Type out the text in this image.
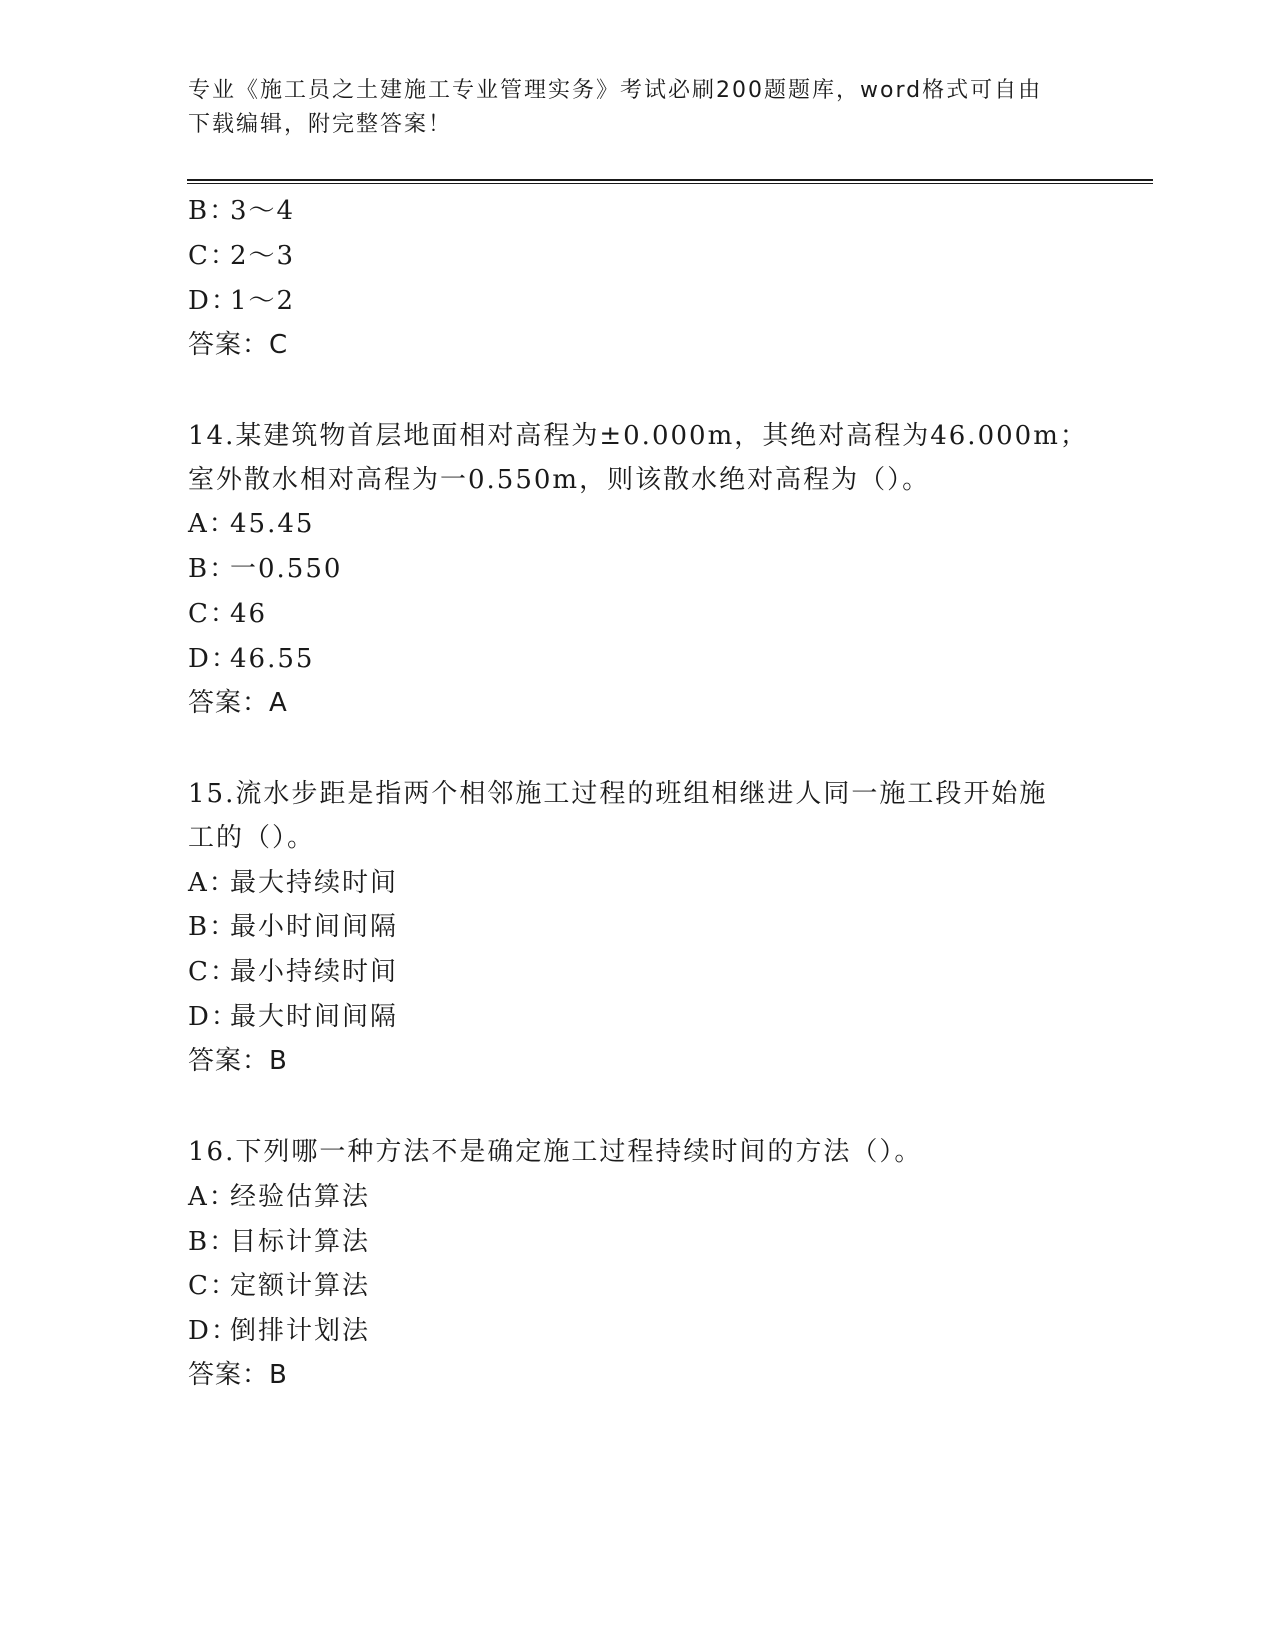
专业《施工员之土建施工专业管理实务》考试必刷200题题库，word格式可自由
下载编辑，附完整答案！
B：3～4
C：2～3
D：1～2
答案：C
14.某建筑物首层地面相对高程为±0.000m，其绝对高程为46.000m；
室外散水相对高程为一0.550m，则该散水绝对高程为（）。
A：45.45
B：一0.550
C：46
D：46.55
答案：A
15.流水步距是指两个相邻施工过程的班组相继进人同一施工段开始施
工的（）。
A：最大持续时间
B：最小时间间隔
C：最小持续时间
D：最大时间间隔
答案：B
16.下列哪一种方法不是确定施工过程持续时间的方法（）。
A：经验估算法
B：目标计算法
C：定额计算法
D：倒排计划法
答案：B
